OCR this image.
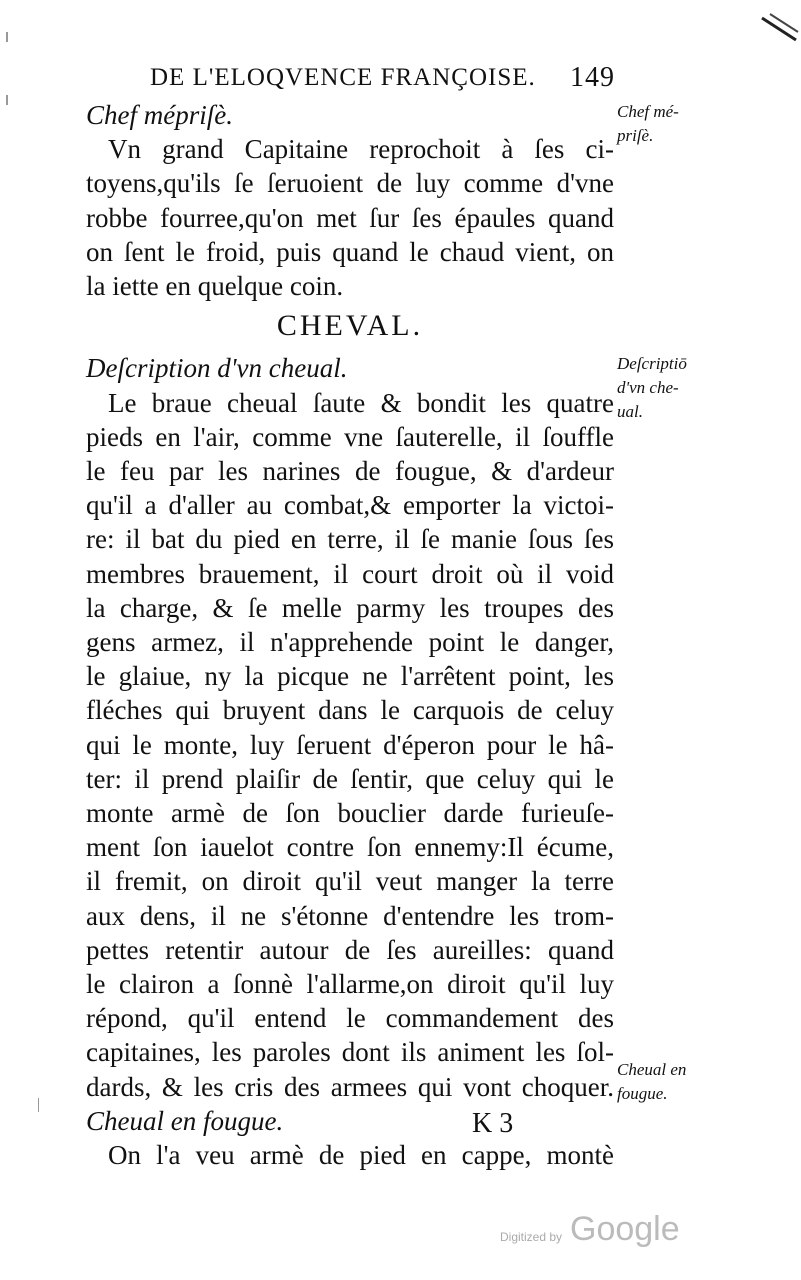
DE L'ELOQVENCE FRANÇOISE. 149

Chef mépriſè.

Vn grand Capitaine reprochoit à ſes ci-
toyens,qu'ils ſe ſeruoient de luy comme d'vne
robbe fourree,qu'on met ſur ſes épaules quand
on ſent le froid, puis quand le chaud vient, on
la iette en quelque coin.

CHEVAL.

Deſcription d'vn cheual.

Le braue cheual ſaute & bondit les quatre
pieds en l'air, comme vne ſauterelle, il ſouffle
le feu par les narines de fougue, & d'ardeur
qu'il a d'aller au combat,& emporter la victoi-
re: il bat du pied en terre, il ſe manie ſous ſes
membres brauement, il court droit où il void
la charge, & ſe melle parmy les troupes des
gens armez, il n'apprehende point le danger,
le glaiue, ny la picque ne l'arrêtent point, les
fléches qui bruyent dans le carquois de celuy
qui le monte, luy ſeruent d'éperon pour le hâ-
ter: il prend plaiſir de ſentir, que celuy qui le
monte armè de ſon bouclier darde furieuſe-
ment ſon iauelot contre ſon ennemy:Il écume,
il fremit, on diroit qu'il veut manger la terre
aux dens, il ne s'étonne d'entendre les trom-
pettes retentir autour de ſes aureilles: quand
le clairon a ſonnè l'allarme,on diroit qu'il luy
répond, qu'il entend le commandement des
capitaines, les paroles dont ils animent les ſol-
dards, & les cris des armees qui vont choquer.

Cheual en fougue.

On l'a veu armè de pied en cappe, montè
Chef mé-
priſè.
Deſcriptiō
d'vn che-
ual.
Cheual en
fougue.
K 3
Digitized by Google
